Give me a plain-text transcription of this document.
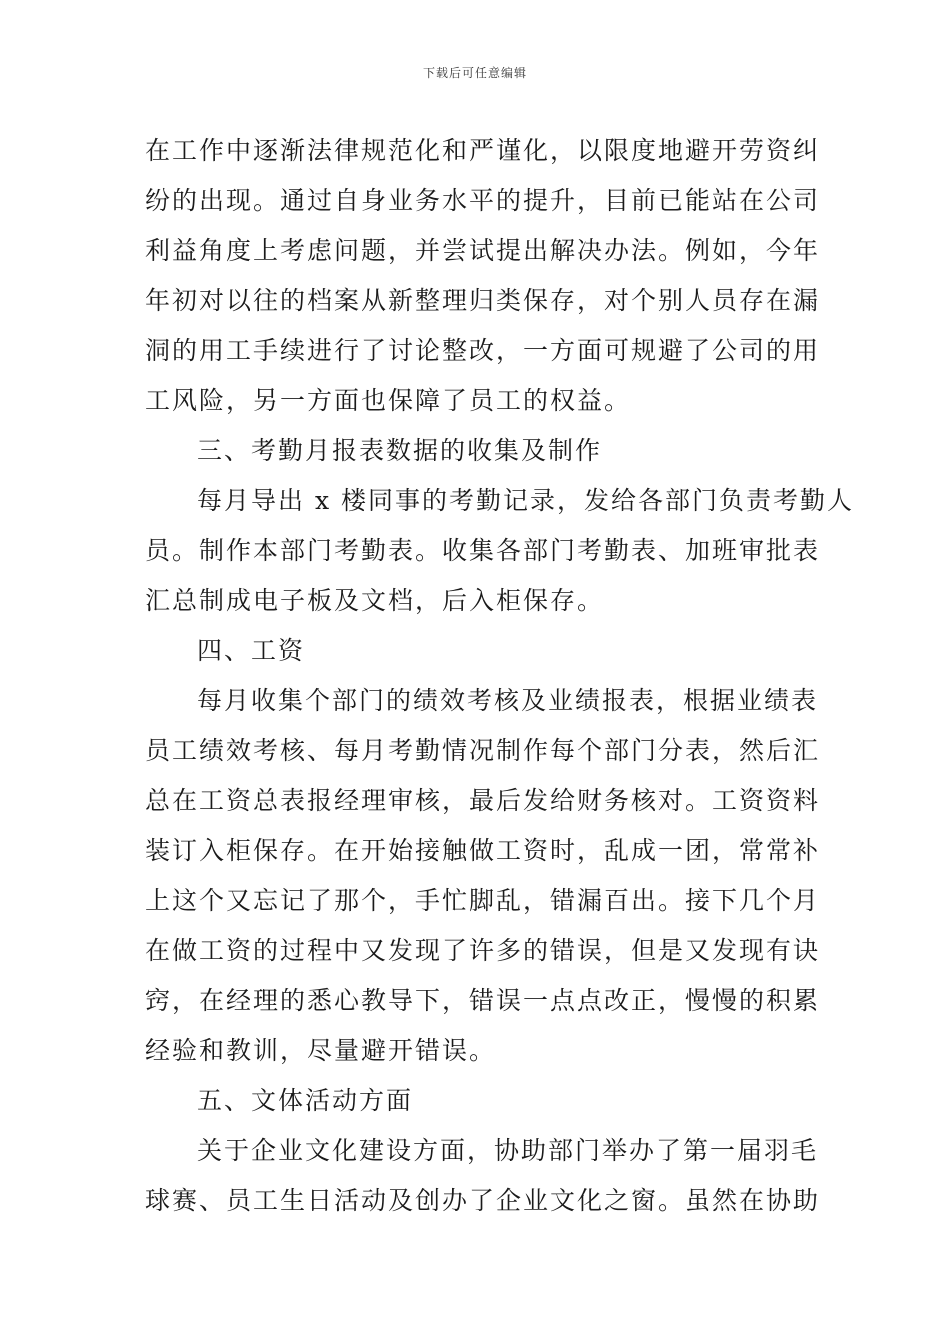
下载后可任意编辑
在工作中逐渐法律规范化和严谨化，以限度地避开劳资纠
纷的出现。通过自身业务水平的提升，目前已能站在公司
利益角度上考虑问题，并尝试提出解决办法。例如，今年
年初对以往的档案从新整理归类保存，对个别人员存在漏
洞的用工手续进行了讨论整改，一方面可规避了公司的用
工风险，另一方面也保障了员工的权益。
三、考勤月报表数据的收集及制作
每月导出 x 楼同事的考勤记录，发给各部门负责考勤人
员。制作本部门考勤表。收集各部门考勤表、加班审批表
汇总制成电子板及文档，后入柜保存。
四、工资
每月收集个部门的绩效考核及业绩报表，根据业绩表
员工绩效考核、每月考勤情况制作每个部门分表，然后汇
总在工资总表报经理审核，最后发给财务核对。工资资料
装订入柜保存。在开始接触做工资时，乱成一团，常常补
上这个又忘记了那个，手忙脚乱，错漏百出。接下几个月
在做工资的过程中又发现了许多的错误，但是又发现有诀
窍，在经理的悉心教导下，错误一点点改正，慢慢的积累
经验和教训，尽量避开错误。
五、文体活动方面
关于企业文化建设方面，协助部门举办了第一届羽毛
球赛、员工生日活动及创办了企业文化之窗。虽然在协助
